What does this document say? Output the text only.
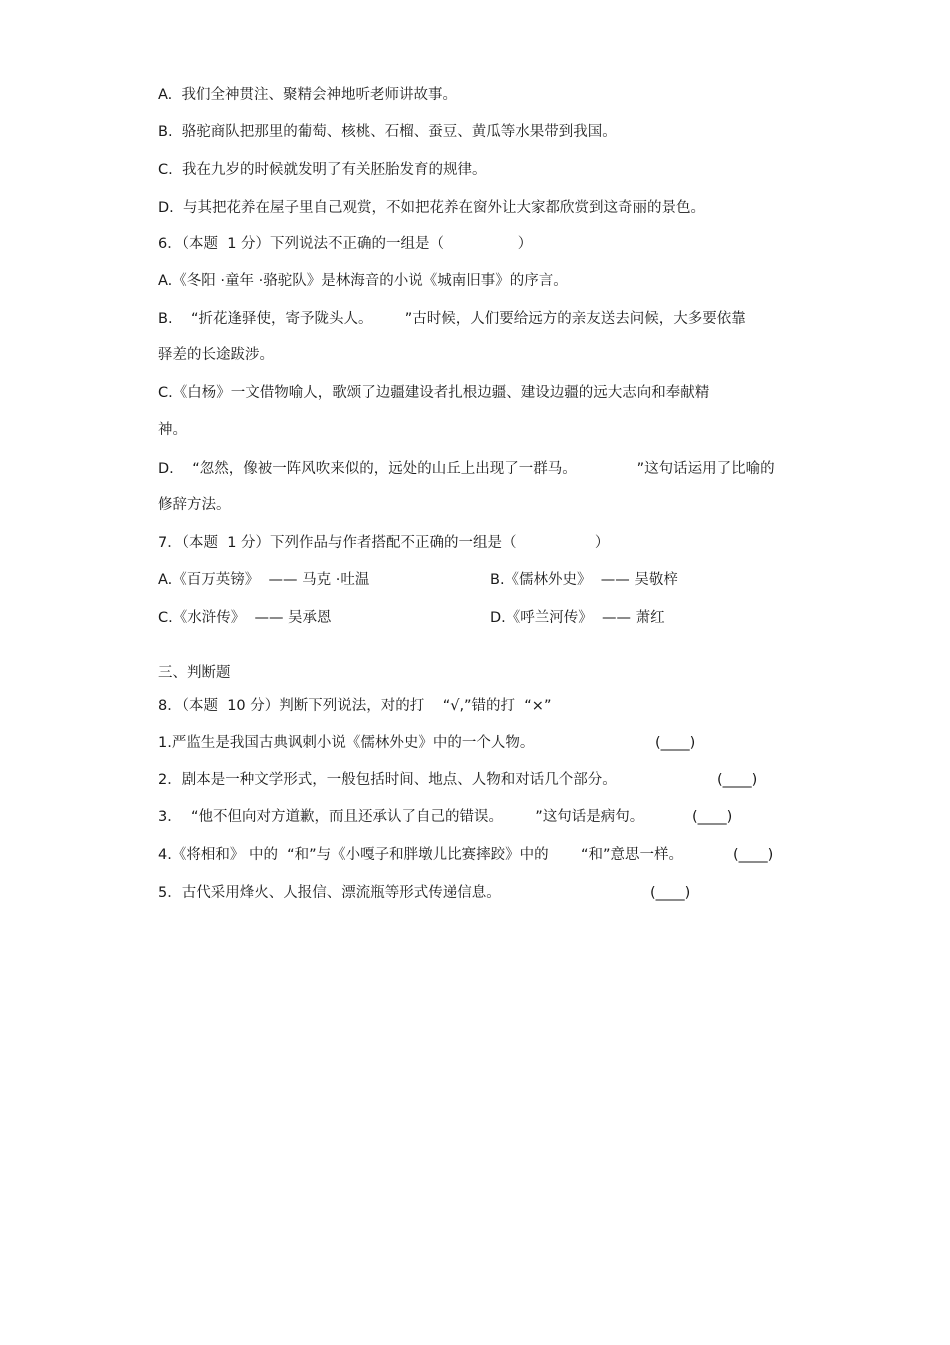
A.  我们全神贯注、聚精会神地听老师讲故事。
B.  骆驼商队把那里的葡萄、核桃、石榴、蚕豆、黄瓜等水果带到我国。
C.  我在九岁的时候就发明了有关胚胎发育的规律。
D.  与其把花养在屋子里自己观赏，不如把花养在窗外让大家都欣赏到这奇丽的景色。
6．（本题  1 分）下列说法不正确的一组是（                ）
A.《冬阳 ·童年 ·骆驼队》是林海音的小说《城南旧事》的序言。
B.    “折花逢驿使，寄予陇头人。       ”古时候，人们要给远方的亲友送去问候，大多要依靠
驿差的长途跋涉。
C.《白杨》一文借物喻人，歌颂了边疆建设者扎根边疆、建设边疆的远大志向和奉献精
神。
D.    “忽然，像被一阵风吹来似的，远处的山丘上出现了一群马。             ”这句话运用了比喻的
修辞方法。
7．（本题  1 分）下列作品与作者搭配不正确的一组是（                 ）
A.《百万英镑》  —— 马克 ·吐温	B.《儒林外史》  —— 吴敬梓
C.《水浒传》  —— 吴承恩	D.《呼兰河传》  —— 萧红
三、判断题
8．（本题  10 分）判断下列说法，对的打    “√,”错的打  “×”
1.严监生是我国古典讽刺小说《儒林外史》中的一个人物。	(____)
2．剧本是一种文学形式，一般包括时间、地点、人物和对话几个部分。	(____)
3．  “他不但向对方道歉，而且还承认了自己的错误。       ”这句话是病句。	(____)
4.《将相和》 中的  “和”与《小嘎子和胖墩儿比赛摔跤》中的       “和”意思一样。	(____)
5．古代采用烽火、人报信、漂流瓶等形式传递信息。	(____)
